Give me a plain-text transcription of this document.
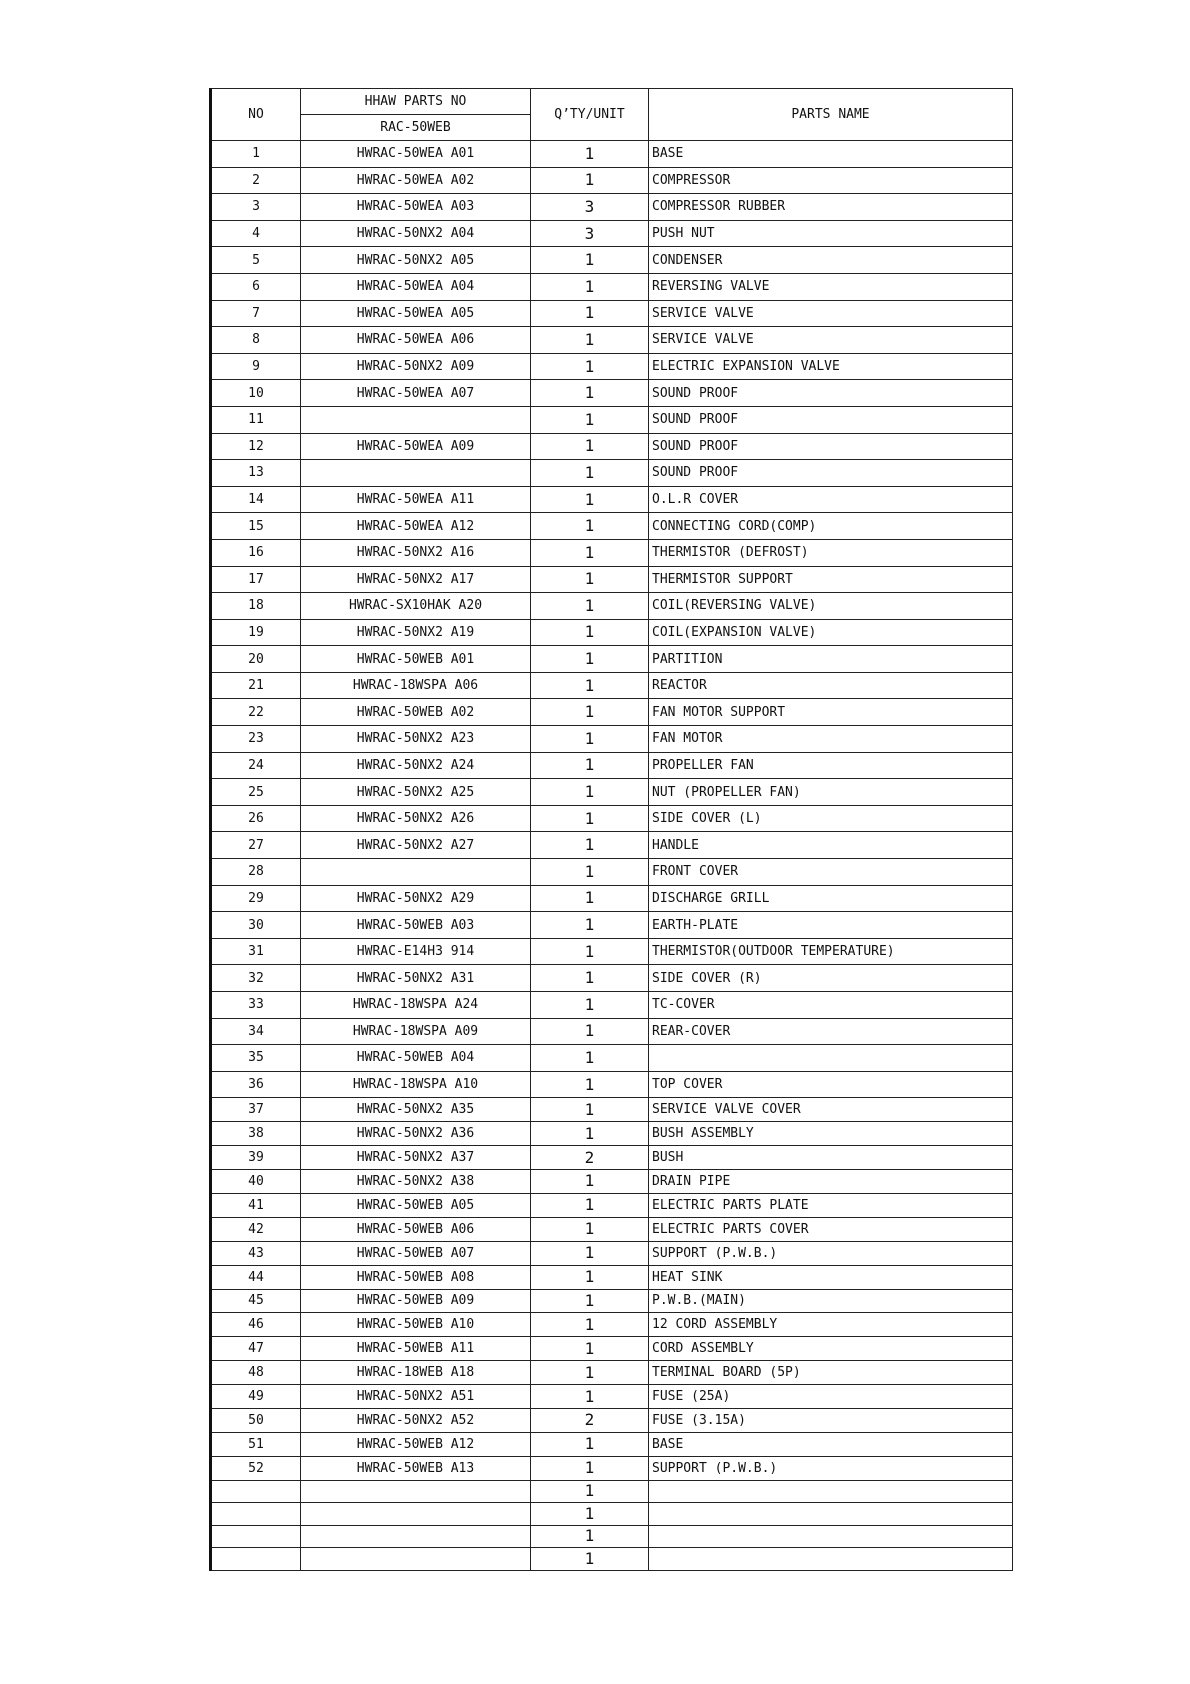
NO	HHAW PARTS NO	Q’TY/UNIT	PARTS NAME
	RAC-50WEB		
1	HWRAC-50WEA A01	1	BASE
2	HWRAC-50WEA A02	1	COMPRESSOR
3	HWRAC-50WEA A03	3	COMPRESSOR RUBBER
4	HWRAC-50NX2 A04	3	PUSH NUT
5	HWRAC-50NX2 A05	1	CONDENSER
6	HWRAC-50WEA A04	1	REVERSING VALVE
7	HWRAC-50WEA A05	1	SERVICE VALVE
8	HWRAC-50WEA A06	1	SERVICE VALVE
9	HWRAC-50NX2 A09	1	ELECTRIC EXPANSION VALVE
10	HWRAC-50WEA A07	1	SOUND PROOF
11		1	SOUND PROOF
12	HWRAC-50WEA A09	1	SOUND PROOF
13		1	SOUND PROOF
14	HWRAC-50WEA A11	1	O.L.R COVER
15	HWRAC-50WEA A12	1	CONNECTING CORD(COMP)
16	HWRAC-50NX2 A16	1	THERMISTOR (DEFROST)
17	HWRAC-50NX2 A17	1	THERMISTOR SUPPORT
18	HWRAC-SX10HAK A20	1	COIL(REVERSING VALVE)
19	HWRAC-50NX2 A19	1	COIL(EXPANSION VALVE)
20	HWRAC-50WEB A01	1	PARTITION
21	HWRAC-18WSPA A06	1	REACTOR
22	HWRAC-50WEB A02	1	FAN MOTOR SUPPORT
23	HWRAC-50NX2 A23	1	FAN MOTOR
24	HWRAC-50NX2 A24	1	PROPELLER FAN
25	HWRAC-50NX2 A25	1	NUT (PROPELLER FAN)
26	HWRAC-50NX2 A26	1	SIDE COVER (L)
27	HWRAC-50NX2 A27	1	HANDLE
28		1	FRONT COVER
29	HWRAC-50NX2 A29	1	DISCHARGE GRILL
30	HWRAC-50WEB A03	1	EARTH-PLATE
31	HWRAC-E14H3 914	1	THERMISTOR(OUTDOOR TEMPERATURE)
32	HWRAC-50NX2 A31	1	SIDE COVER (R)
33	HWRAC-18WSPA A24	1	TC-COVER
34	HWRAC-18WSPA A09	1	REAR-COVER
35	HWRAC-50WEB A04	1	
36	HWRAC-18WSPA A10	1	TOP COVER
37	HWRAC-50NX2 A35	1	SERVICE VALVE COVER
38	HWRAC-50NX2 A36	1	BUSH ASSEMBLY
39	HWRAC-50NX2 A37	2	BUSH
40	HWRAC-50NX2 A38	1	DRAIN PIPE
41	HWRAC-50WEB A05	1	ELECTRIC PARTS PLATE
42	HWRAC-50WEB A06	1	ELECTRIC PARTS COVER
43	HWRAC-50WEB A07	1	SUPPORT (P.W.B.)
44	HWRAC-50WEB A08	1	HEAT SINK
45	HWRAC-50WEB A09	1	P.W.B.(MAIN)
46	HWRAC-50WEB A10	1	12 CORD ASSEMBLY
47	HWRAC-50WEB A11	1	CORD ASSEMBLY
48	HWRAC-18WEB A18	1	TERMINAL BOARD (5P)
49	HWRAC-50NX2 A51	1	FUSE (25A)
50	HWRAC-50NX2 A52	2	FUSE (3.15A)
51	HWRAC-50WEB A12	1	BASE
52	HWRAC-50WEB A13	1	SUPPORT (P.W.B.)
		1	
		1	
		1	
		1	
